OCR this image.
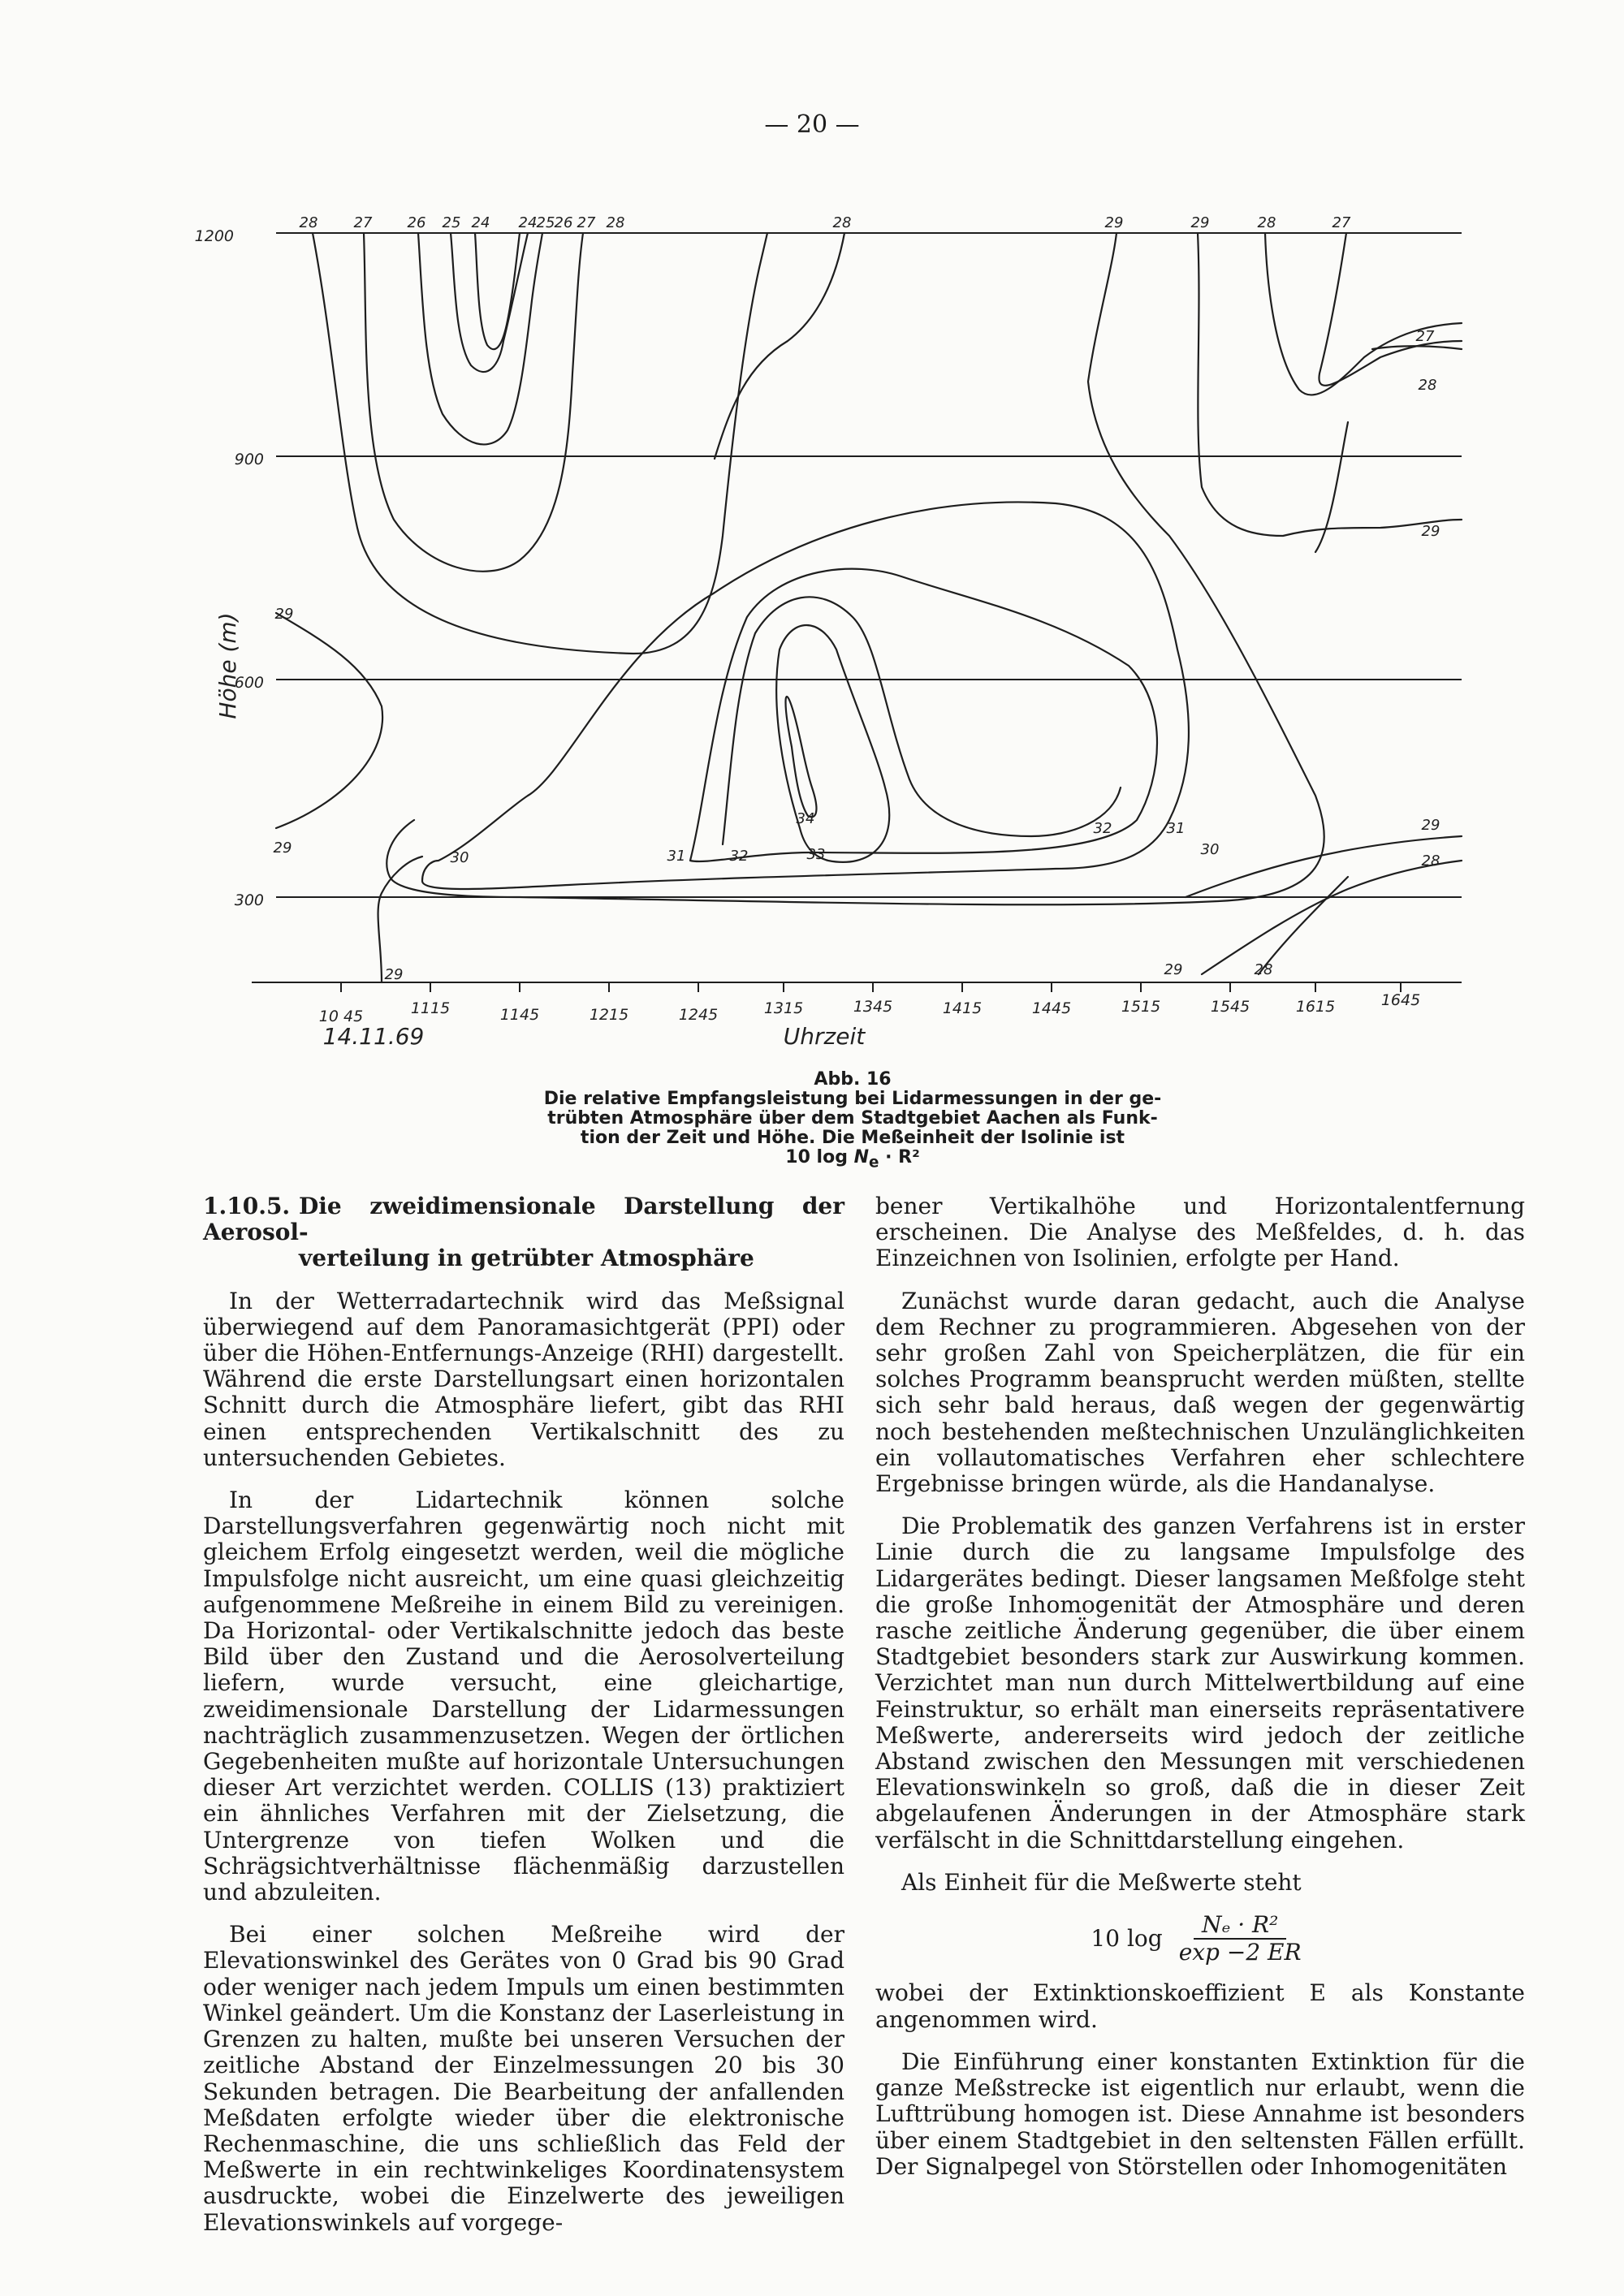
— 20 —
1200
900
600
300
Höhe (m)
10 45	1115	1145	1215	1245	1315	1345	1415	1445	1515	1545	1615	1645
14.11.69	Uhrzeit
28 27 26 25 24 24 25 26 27 28	28	29	29	28	27
27
28
29
29
29
30	31	32	33
34
32	31
30
29
28
29	29	28
Abb. 16
Die relative Empfangsleistung bei Lidarmessungen in der ge-
trübten Atmosphäre über dem Stadtgebiet Aachen als Funk-
tion der Zeit und Höhe. Die Meßeinheit der Isolinie ist
10 $\log N_e \cdot R^2$
1.10.5. Die zweidimensionale Darstellung der Aerosol-
verteilung in getrübter Atmosphäre

In der Wetterradartechnik wird das Meßsignal überwiegend auf dem Panoramasichtgerät (PPI) oder über die Höhen-Entfernungs-Anzeige (RHI) dargestellt. Während die erste Darstellungsart einen horizontalen Schnitt durch die Atmosphäre liefert, gibt das RHI einen entsprechenden Vertikalschnitt des zu untersuchenden Gebietes.

In der Lidartechnik können solche Darstellungsverfahren gegenwärtig noch nicht mit gleichem Erfolg eingesetzt werden, weil die mögliche Impulsfolge nicht ausreicht, um eine quasi gleichzeitig aufgenommene Meßreihe in einem Bild zu vereinigen. Da Horizontal- oder Vertikalschnitte jedoch das beste Bild über den Zustand und die Aerosolverteilung liefern, wurde versucht, eine gleichartige, zweidimensionale Darstellung der Lidarmessungen nachträglich zusammenzusetzen. Wegen der örtlichen Gegebenheiten mußte auf horizontale Untersuchungen dieser Art verzichtet werden. COLLIS (13) praktiziert ein ähnliches Verfahren mit der Zielsetzung, die Untergrenze von tiefen Wolken und die Schrägsichtverhältnisse flächenmäßig darzustellen und abzuleiten.

Bei einer solchen Meßreihe wird der Elevationswinkel des Gerätes von 0 Grad bis 90 Grad oder weniger nach jedem Impuls um einen bestimmten Winkel geändert. Um die Konstanz der Laserleistung in Grenzen zu halten, mußte bei unseren Versuchen der zeitliche Abstand der Einzelmessungen 20 bis 30 Sekunden betragen. Die Bearbeitung der anfallenden Meßdaten erfolgte wieder über die elektronische Rechenmaschine, die uns schließlich das Feld der Meßwerte in ein rechtwinkeliges Koordinatensystem ausdruckte, wobei die Einzelwerte des jeweiligen Elevationswinkels auf vorgege-

bener Vertikalhöhe und Horizontalentfernung erscheinen. Die Analyse des Meßfeldes, d. h. das Einzeichnen von Isolinien, erfolgte per Hand.

Zunächst wurde daran gedacht, auch die Analyse dem Rechner zu programmieren. Abgesehen von der sehr großen Zahl von Speicherplätzen, die für ein solches Programm beansprucht werden müßten, stellte sich sehr bald heraus, daß wegen der gegenwärtig noch bestehenden meßtechnischen Unzulänglichkeiten ein vollautomatisches Verfahren eher schlechtere Ergebnisse bringen würde, als die Handanalyse.

Die Problematik des ganzen Verfahrens ist in erster Linie durch die zu langsame Impulsfolge des Lidargerätes bedingt. Dieser langsamen Meßfolge steht die große Inhomogenität der Atmosphäre und deren rasche zeitliche Änderung gegenüber, die über einem Stadtgebiet besonders stark zur Auswirkung kommen. Verzichtet man nun durch Mittelwertbildung auf eine Feinstruktur, so erhält man einerseits repräsentativere Meßwerte, andererseits wird jedoch der zeitliche Abstand zwischen den Messungen mit verschiedenen Elevationswinkeln so groß, daß die in dieser Zeit abgelaufenen Änderungen in der Atmosphäre stark verfälscht in die Schnittdarstellung eingehen.

Als Einheit für die Meßwerte steht

10 $\log \frac{\text{Nₑ · R²}}{\exp -2 ER}$

wobei der Extinktionskoeffizient E als Konstante angenommen wird.

Die Einführung einer konstanten Extinktion für die ganze Meßstrecke ist eigentlich nur erlaubt, wenn die Lufttrübung homogen ist. Diese Annahme ist besonders über einem Stadtgebiet in den seltensten Fällen erfüllt. Der Signalpegel von Störstellen oder Inhomogenitäten
